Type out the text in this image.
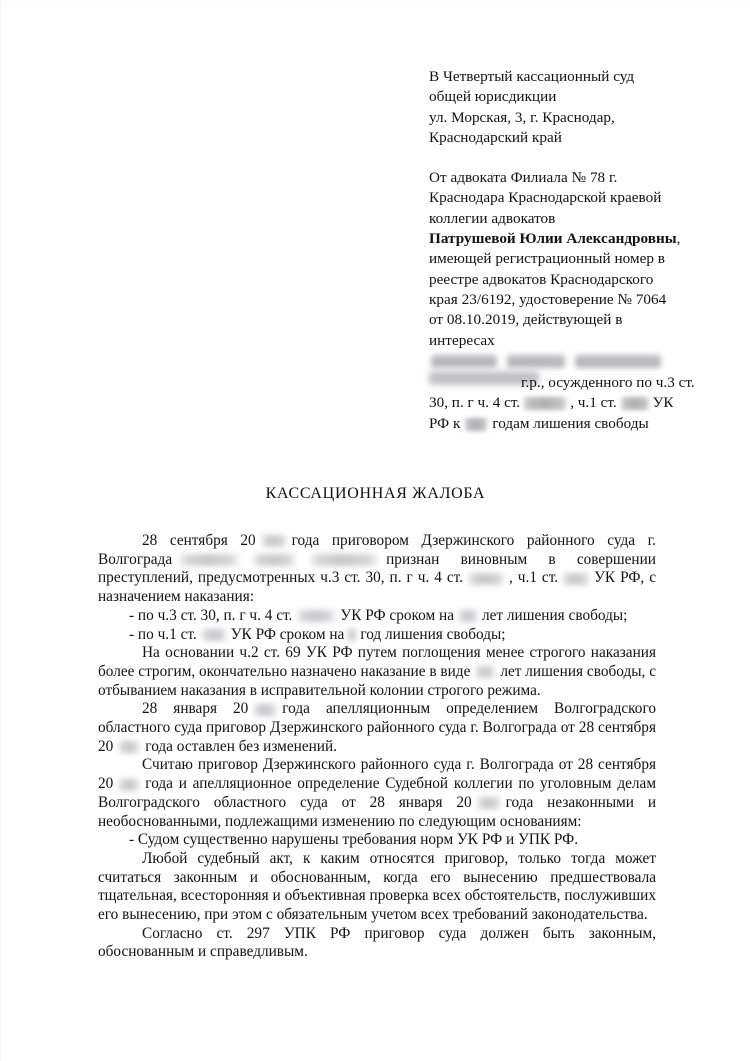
В Четвертый кассационный суд
общей юрисдикции
ул. Морская, 3, г. Краснодар,
Краснодарский край
От адвоката Филиала № 78 г.
Краснодара Краснодарской краевой
коллегии адвокатов
Патрушевой Юлии Александровны,
имеющей регистрационный номер в
реестре адвокатов Краснодарского
края 23/6192, удостоверение № 7064
от 08.10.2019, действующей в
интересах
г.р., осужденного по ч.3 ст.
30, п. г ч. 4 ст.	, ч.1 ст. УК
РФ к годам лишения свободы
КАССАЦИОННАЯ ЖАЛОБА

28 сентября 20 года приговором Дзержинского районного суда г. Волгограда	признан виновным в совершении преступлений, предусмотренных ч.3 ст. 30, п. г ч. 4 ст.	, ч.1 ст. УК РФ, с назначением наказания:

- по ч.3 ст. 30, п. г ч. 4 ст.	УК РФ сроком на лет лишения свободы;

- по ч.1 ст. УК РФ сроком на год лишения свободы;

На основании ч.2 ст. 69 УК РФ путем поглощения менее строгого наказания более строгим, окончательно назначено наказание в виде лет лишения свободы, с отбыванием наказания в исправительной колонии строгого режима.

28 января 20 года апелляционным определением Волгоградского областного суда приговор Дзержинского районного суда г. Волгограда от 28 сентября 20 года оставлен без изменений.

Считаю приговор Дзержинского районного суда г. Волгограда от 28 сентября 20 года и апелляционное определение Судебной коллегии по уголовным делам Волгоградского областного суда от 28 января 20 года незаконными и необоснованными, подлежащими изменению по следующим основаниям:

- Судом существенно нарушены требования норм УК РФ и УПК РФ.

Любой судебный акт, к каким относятся приговор, только тогда может считаться законным и обоснованным, когда его вынесению предшествовала тщательная, всесторонняя и объективная проверка всех обстоятельств, послуживших его вынесению, при этом с обязательным учетом всех требований законодательства.

Согласно ст. 297 УПК РФ приговор суда должен быть законным, обоснованным и справедливым.
